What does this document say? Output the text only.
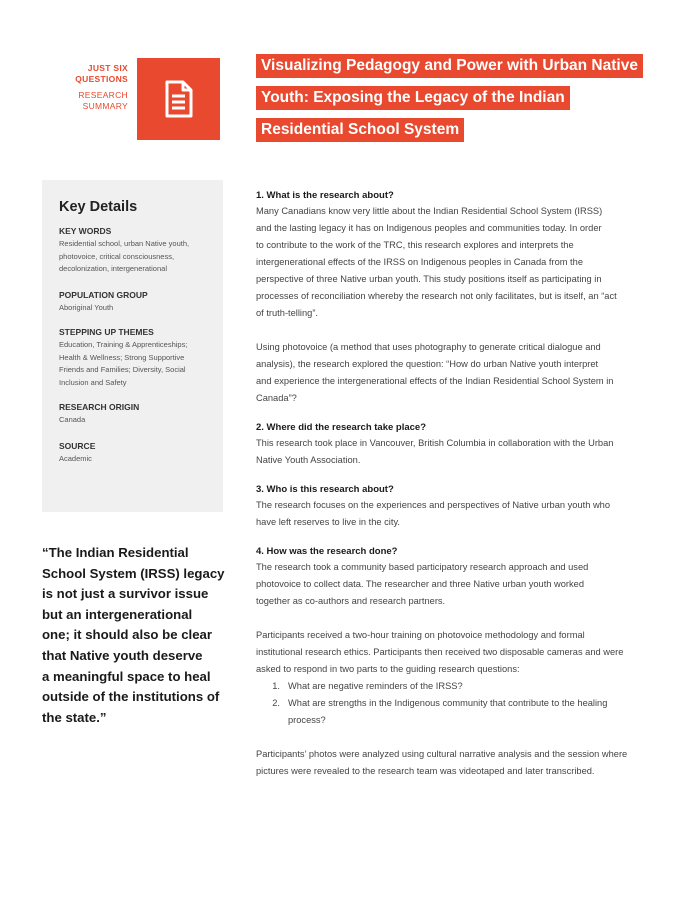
JUST SIX
QUESTIONS
RESEARCH
SUMMARY
Visualizing Pedagogy and Power with Urban Native
Youth: Exposing the Legacy of the Indian
Residential School System
Key Details
KEY WORDS
Residential school, urban Native youth,
photovoice, critical consciousness,
decolonization, intergenerational
POPULATION GROUP
Aboriginal Youth
STEPPING UP THEMES
Education, Training & Apprenticeships;
Health & Wellness; Strong Supportive
Friends and Families; Diversity, Social
Inclusion and Safety
RESEARCH ORIGIN
Canada
SOURCE
Academic
“The Indian Residential
School System (IRSS) legacy
is not just a survivor issue
but an intergenerational
one; it should also be clear
that Native youth deserve
a meaningful space to heal
outside of the institutions of
the state.”
1. What is the research about?

Many Canadians know very little about the Indian Residential School System (IRSS)
and the lasting legacy it has on Indigenous peoples and communities today. In order
to contribute to the work of the TRC, this research explores and interprets the
intergenerational effects of the IRSS on Indigenous peoples in Canada from the
perspective of three Native urban youth. This study positions itself as participating in
processes of reconciliation whereby the research not only facilitates, but is itself, an “act
of truth-telling”.

Using photovoice (a method that uses photography to generate critical dialogue and
analysis), the research explored the question: “How do urban Native youth interpret
and experience the intergenerational effects of the Indian Residential School System in
Canada”?

2. Where did the research take place?

This research took place in Vancouver, British Columbia in collaboration with the Urban
Native Youth Association.

3. Who is this research about?

The research focuses on the experiences and perspectives of Native urban youth who
have left reserves to live in the city.

4. How was the research done?

The research took a community based participatory research approach and used
photovoice to collect data. The researcher and three Native urban youth worked
together as co-authors and research partners.

Participants received a two-hour training on photovoice methodology and formal
institutional research ethics. Participants then received two disposable cameras and were
asked to respond in two parts to the guiding research questions:

1. What are negative reminders of the IRSS?
2. What are strengths in the Indigenous community that contribute to the healing
process?

Participants’ photos were analyzed using cultural narrative analysis and the session where
pictures were revealed to the research team was videotaped and later transcribed.
